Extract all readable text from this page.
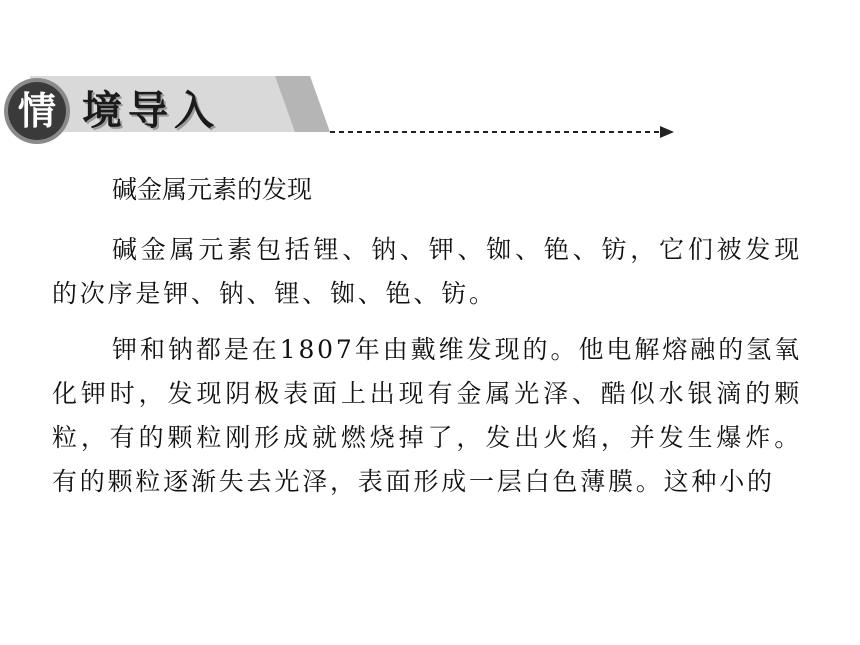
情 境导入
碱金属元素的发现

碱金属元素包括锂、钠、钾、铷、铯、钫，它们被发现的次序是钾、钠、锂、铷、铯、钫。

钾和钠都是在1807年由戴维发现的。他电解熔融的氢氧化钾时，发现阴极表面上出现有金属光泽、酷似水银滴的颗粒，有的颗粒刚形成就燃烧掉了，发出火焰，并发生爆炸。有的颗粒逐渐失去光泽，表面形成一层白色薄膜。这种小的
